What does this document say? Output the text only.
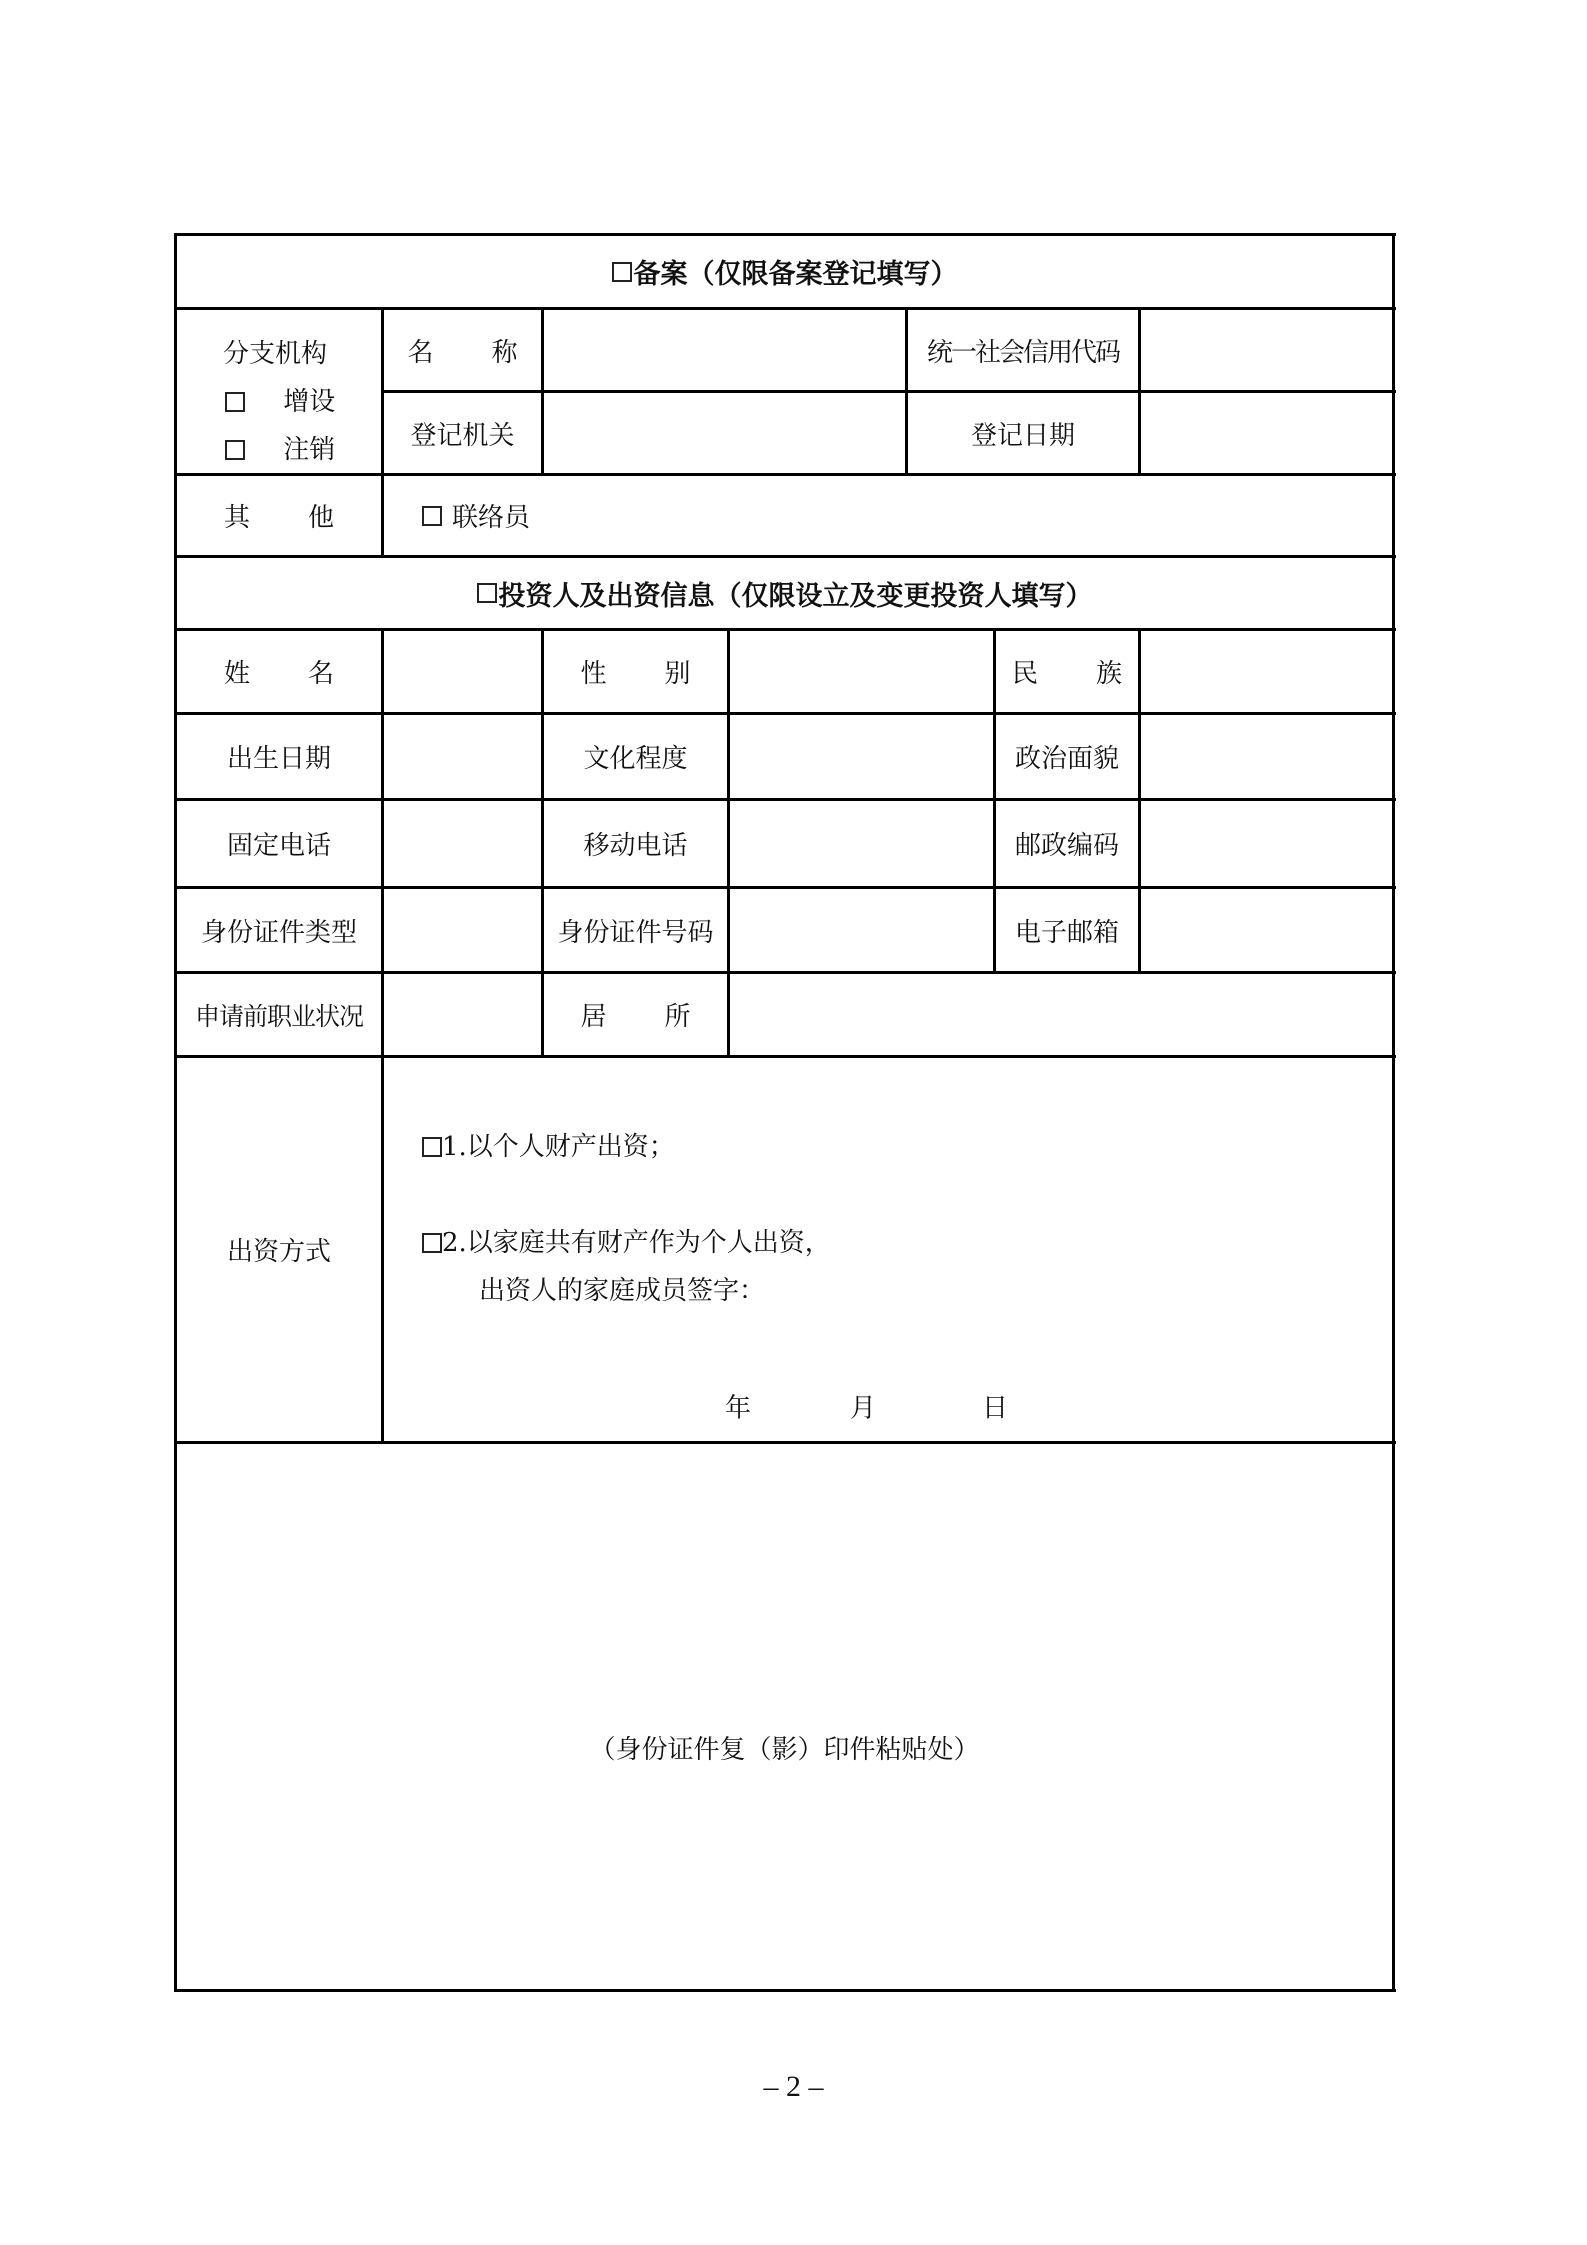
备案（仅限备案登记填写）
分支机构
增设
注销
名 称	统一社会信用代码
登记机关	登记日期
其 他	联络员
投资人及出资信息（仅限设立及变更投资人填写）
姓 名	性 别	民 族
出生日期	文化程度	政治面貌
固定电话	移动电话	邮政编码
身份证件类型	身份证件号码	电子邮箱
申请前职业状况	居 所
出资方式
1.以个人财产出资；
2.以家庭共有财产作为个人出资，
出资人的家庭成员签字：
年	月	日
（身份证件复（影）印件粘贴处）
– 2 –
